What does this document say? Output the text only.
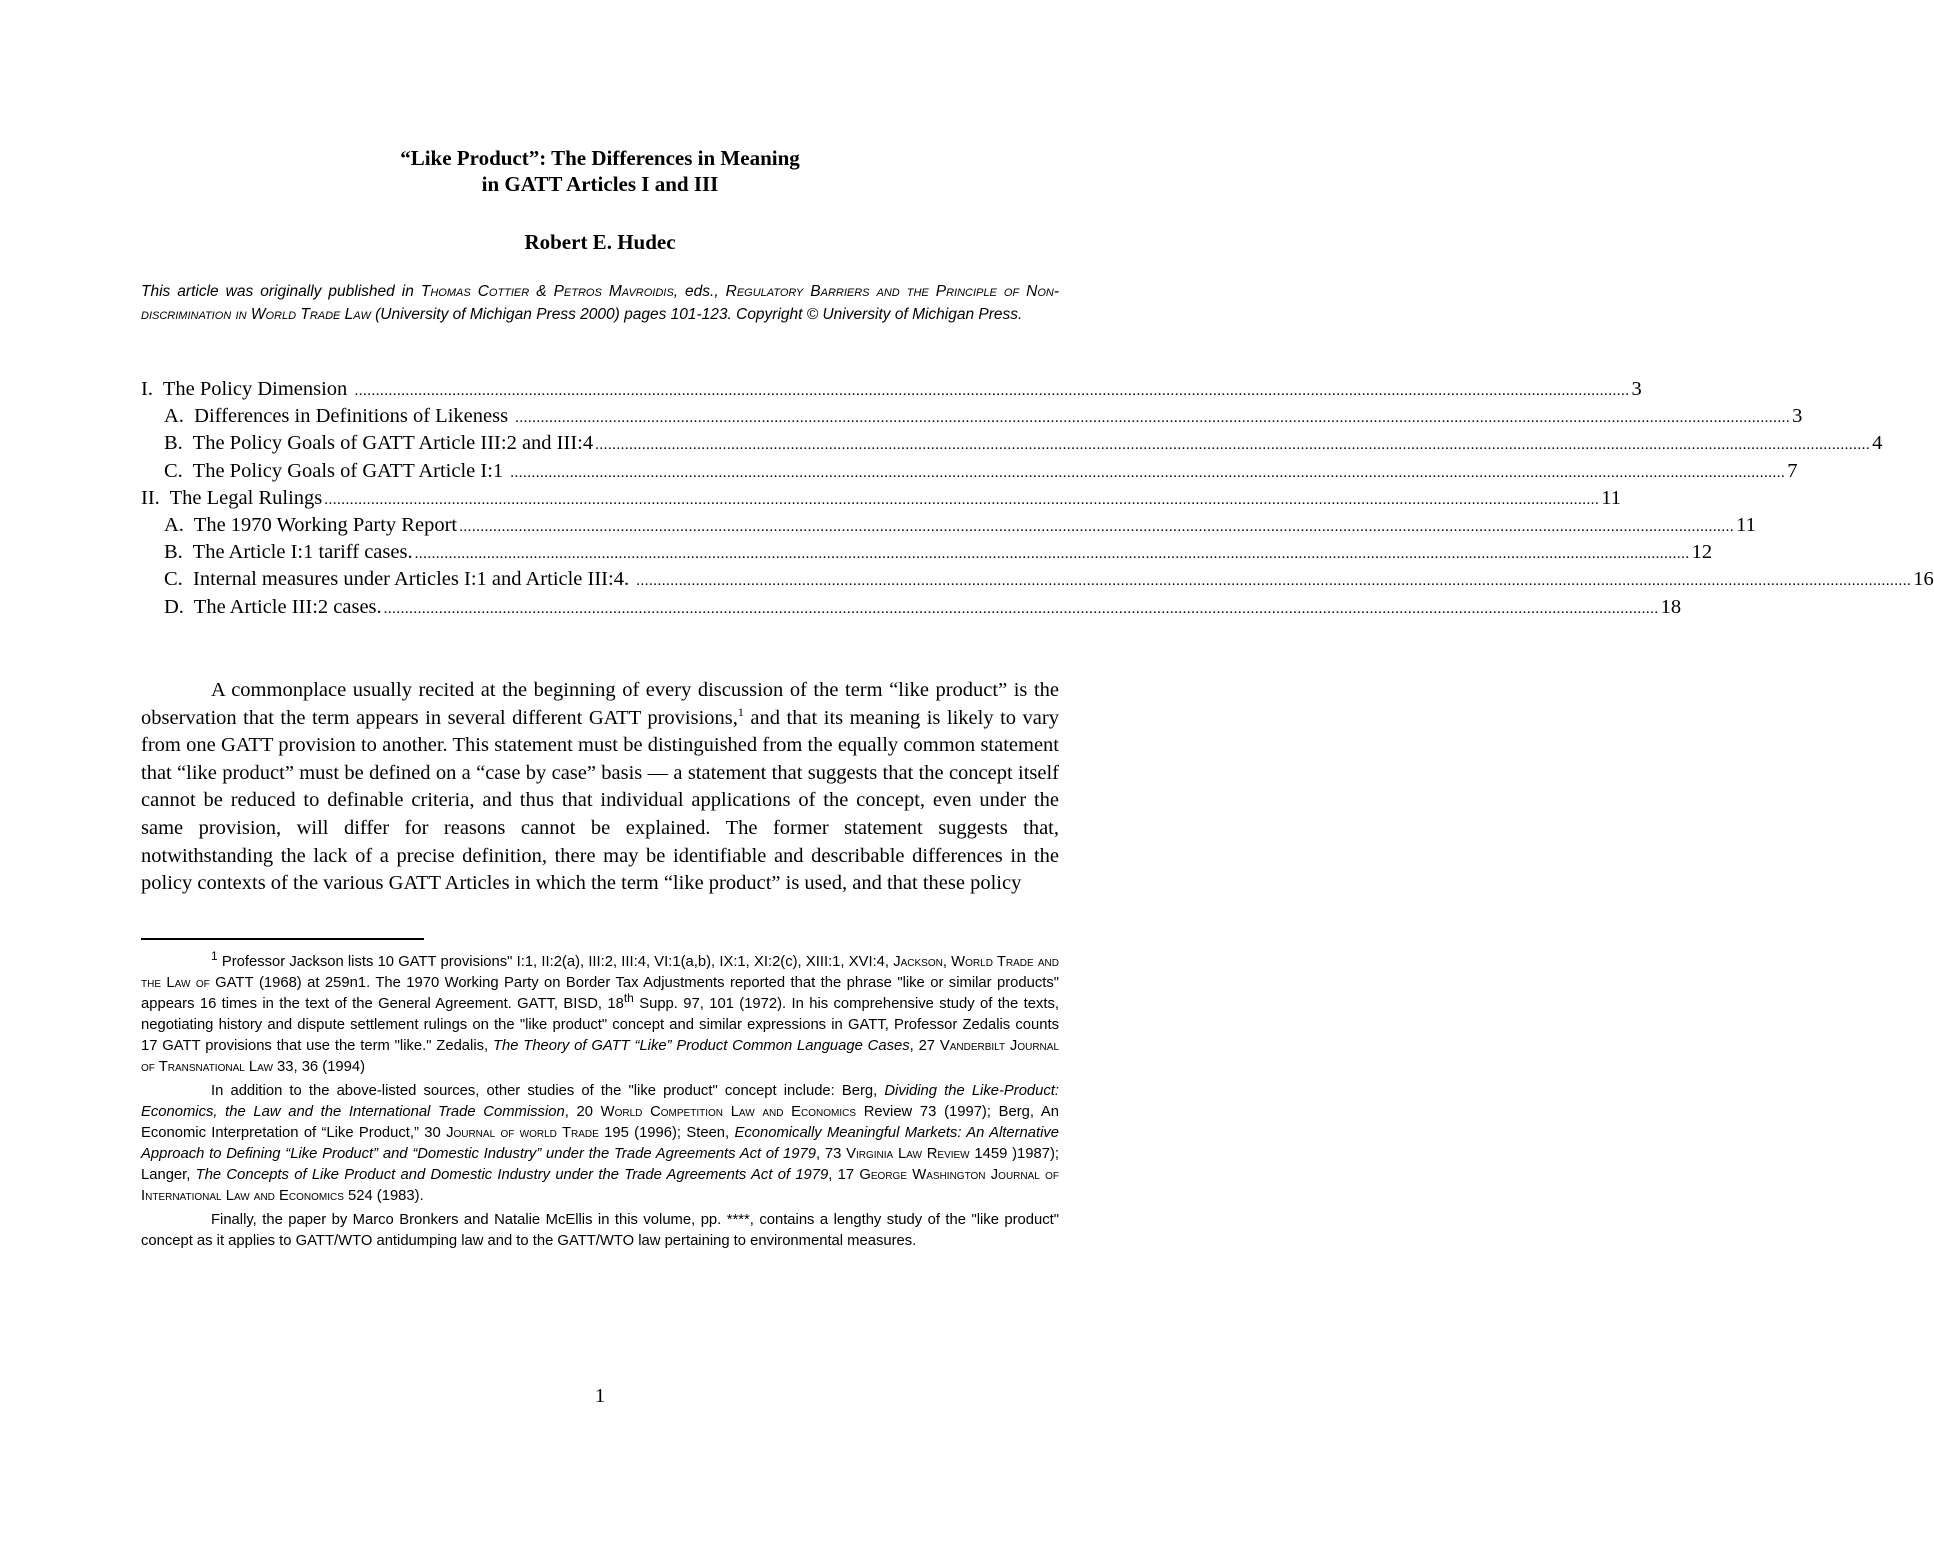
“Like Product”: The Differences in Meaning
in GATT Articles I and III
Robert E. Hudec
This article was originally published in Thomas Cottier & Petros Mavroidis, eds., Regulatory Barriers and the Principle of Non-discrimination in World Trade Law (University of Michigan Press 2000) pages 101-123. Copyright © University of Michigan Press.
I.  The Policy Dimension ............................................................................................................................................................................................................................................................................................................ 3
A.  Differences in Definitions of Likeness ............................................................................................................................................................................................................................................................................................................ 3
B.  The Policy Goals of GATT Article III:2 and III:4 ............................................................................................................................................................................................................................................................................................................ 4
C.  The Policy Goals of GATT Article I:1 ............................................................................................................................................................................................................................................................................................................ 7
II.  The Legal Rulings ............................................................................................................................................................................................................................................................................................................ 11
A.  The 1970 Working Party Report ............................................................................................................................................................................................................................................................................................................ 11
B.  The Article I:1 tariff cases. ............................................................................................................................................................................................................................................................................................................ 12
C.  Internal measures under Articles I:1 and Article III:4. ............................................................................................................................................................................................................................................................................................................ 16
D.  The Article III:2 cases. ............................................................................................................................................................................................................................................................................................................ 18

A commonplace usually recited at the beginning of every discussion of the term “like product” is the observation that the term appears in several different GATT provisions,$^1$ and that its meaning is likely to vary from one GATT provision to another. This statement must be distinguished from the equally common statement that “like product” must be defined on a “case by case” basis — a statement that suggests that the concept itself cannot be reduced to definable criteria, and thus that individual applications of the concept, even under the same provision, will differ for reasons cannot be explained. The former statement suggests that, notwithstanding the lack of a precise definition, there may be identifiable and describable differences in the policy contexts of the various GATT Articles in which the term “like product” is used, and that these policy

$^1$ Professor Jackson lists 10 GATT provisions" I:1, II:2(a), III:2, III:4, VI:1(a,b), IX:1, XI:2(c), XIII:1, XVI:4, Jackson, World Trade and the Law of GATT (1968) at 259n1. The 1970 Working Party on Border Tax Adjustments reported that the phrase "like or similar products" appears 16 times in the text of the General Agreement. GATT, BISD, 18th Supp. 97, 101 (1972). In his comprehensive study of the texts, negotiating history and dispute settlement rulings on the "like product" concept and similar expressions in GATT, Professor Zedalis counts 17 GATT provisions that use the term "like." Zedalis, The Theory of GATT “Like” Product Common Language Cases, 27 Vanderbilt Journal of Transnational Law 33, 36 (1994)

In addition to the above-listed sources, other studies of the "like product" concept include: Berg, Dividing the Like-Product: Economics, the Law and the International Trade Commission, 20 World Competition Law and Economics Review 73 (1997); Berg, An Economic Interpretation of “Like Product,” 30 Journal of world Trade 195 (1996); Steen, Economically Meaningful Markets: An Alternative Approach to Defining “Like Product” and “Domestic Industry” under the Trade Agreements Act of 1979, 73 Virginia Law Review 1459 )1987); Langer, The Concepts of Like Product and Domestic Industry under the Trade Agreements Act of 1979, 17 George Washington Journal of International Law and Economics 524 (1983).

Finally, the paper by Marco Bronkers and Natalie McEllis in this volume, pp. ****, contains a lengthy study of the "like product" concept as it applies to GATT/WTO antidumping law and to the GATT/WTO law pertaining to environmental measures.

1
